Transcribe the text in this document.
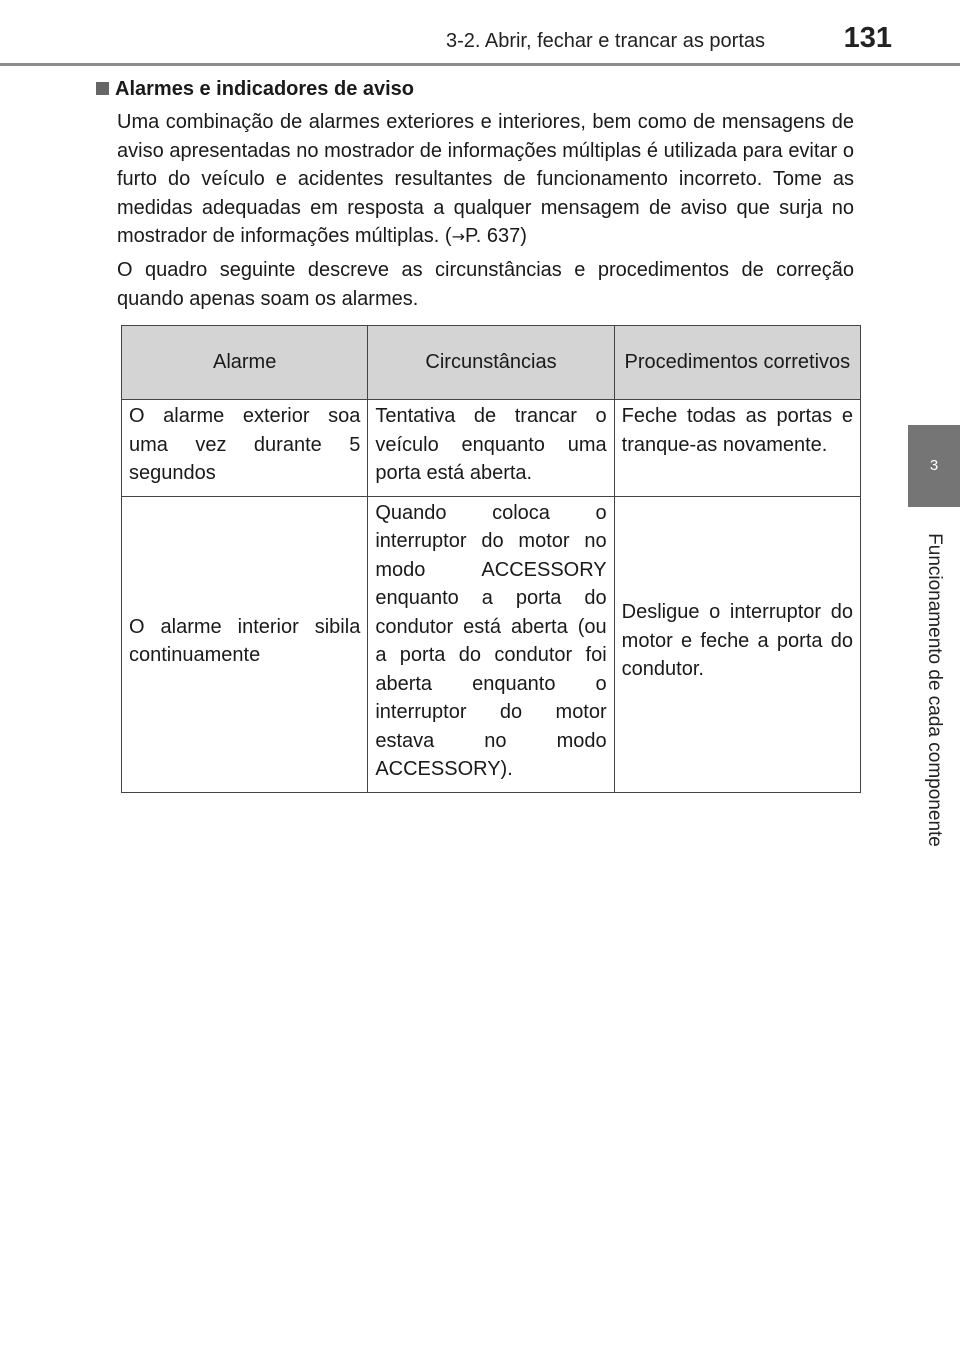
3-2. Abrir, fechar e trancar as portas	131
3
Funcionamento de cada componente
Alarmes e indicadores de aviso
Uma combinação de alarmes exteriores e interiores, bem como de mensagens de aviso apresentadas no mostrador de informações múltiplas é utilizada para evitar o furto do veículo e acidentes resultantes de funcionamento incorreto. Tome as medidas adequadas em resposta a qualquer mensagem de aviso que surja no mostrador de informações múltiplas. (→P. 637)
O quadro seguinte descreve as circunstâncias e procedimentos de correção quando apenas soam os alarmes.
Alarme	Circunstâncias	Procedimentos corretivos
O alarme exterior soa uma vez durante 5 segundos	Tentativa de trancar o veículo enquanto uma porta está aberta.	Feche todas as portas e tranque-as novamente.
O alarme interior sibila continuamente	Quando coloca o interruptor do motor no modo ACCESSORY enquanto a porta do condutor está aberta (ou a porta do condutor foi aberta enquanto o interruptor do motor estava no modo ACCESSORY).	Desligue o interruptor do motor e feche a porta do condutor.
